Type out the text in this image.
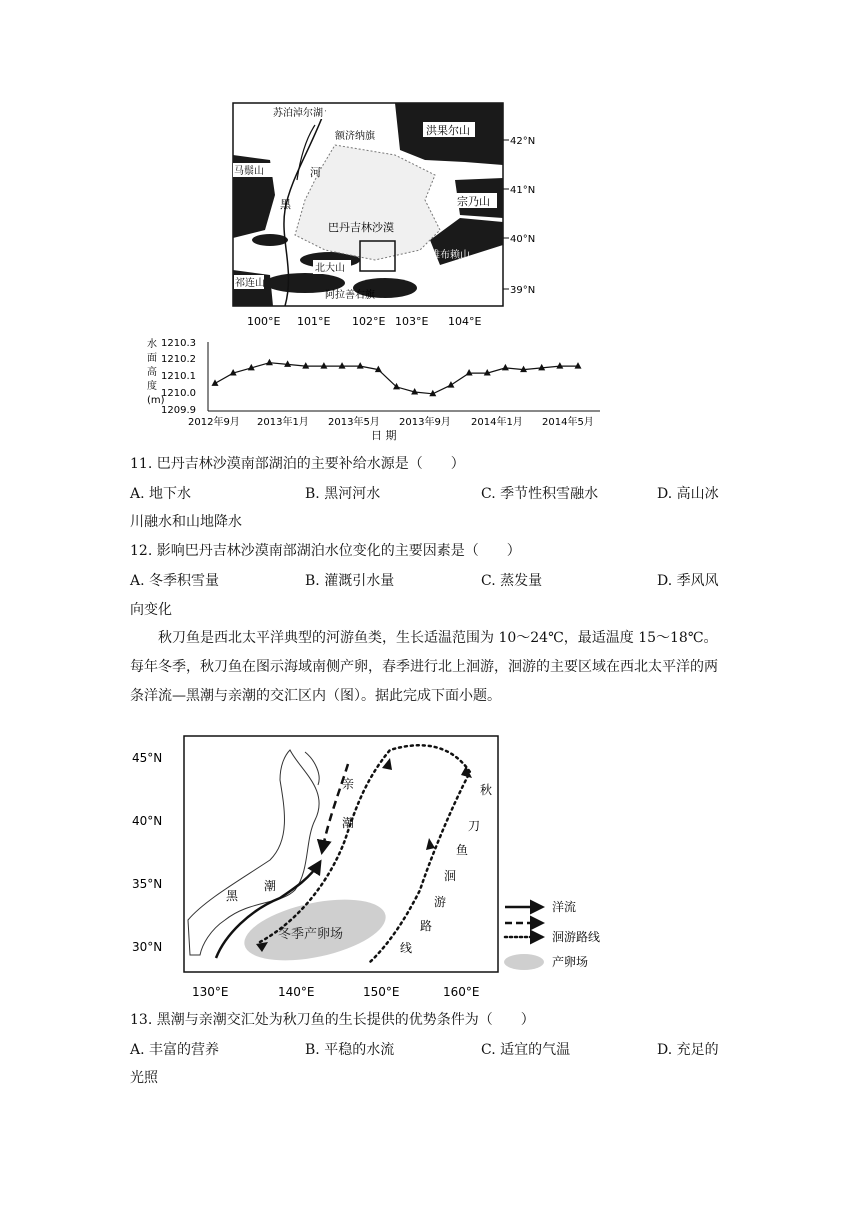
苏泊淖尔湖
额济纳旗	洪果尔山
马鬃山	河
黑	宗乃山
巴丹吉林沙漠
北大山
雅布赖山
祁连山
阿拉善右旗
42°N
41°N
40°N
39°N
100°E 101°E 102°E 103°E 104°E
水
面
高
度
(m)
1210.3
1210.2
1210.1
1210.0
1209.9
2012年9月 2013年1月 2013年5月 2013年9月 2014年1月 2014年5月
日 期
11. 巴丹吉林沙漠南部湖泊的主要补给水源是（　　）
A. 地下水	B. 黑河河水	C. 季节性积雪融水	D. 高山冰
川融水和山地降水
12. 影响巴丹吉林沙漠南部湖泊水位变化的主要因素是（　　）
A. 冬季积雪量	B. 灌溉引水量	C. 蒸发量	D. 季风风
向变化
秋刀鱼是西北太平洋典型的河游鱼类，生长适温范围为 10～24℃，最适温度 15～18℃。每年冬季，秋刀鱼在图示海域南侧产卵，春季进行北上洄游，洄游的主要区域在西北太平洋的两条洋流—黑潮与亲潮的交汇区内（图）。据此完成下面小题。
冬季产卵场
黑
潮
亲
潮
秋
刀
鱼
洄
游
路
线
45°N
40°N
35°N
30°N
130°E	140°E	150°E	160°E
洋流
洄游路线
产卵场
13. 黑潮与亲潮交汇处为秋刀鱼的生长提供的优势条件为（　　）
A. 丰富的营养	B. 平稳的水流	C. 适宜的气温	D. 充足的
光照
